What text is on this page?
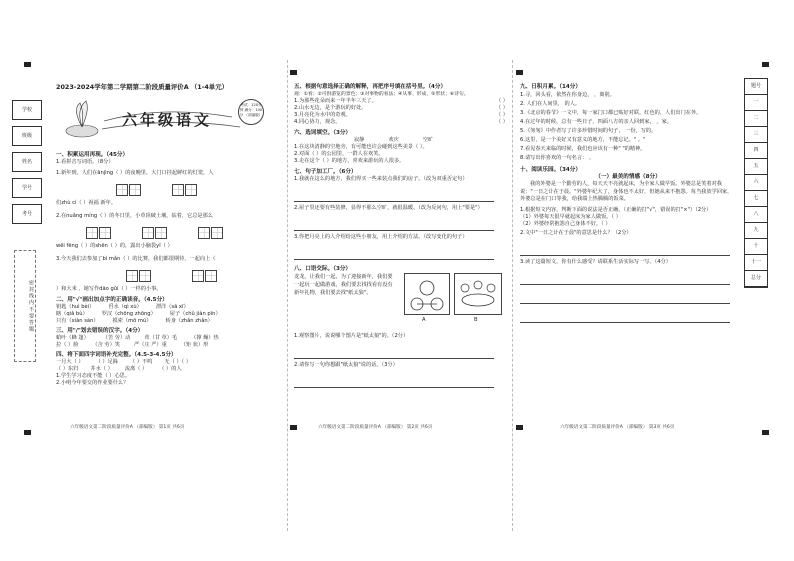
学校
班级
姓名
学号
考号
密 封 线 内 不 要 答 题
2023-2024学年第二学期第二阶段质量评价A （1-4单元）
六年级语文
考试：120分钟 满分：100分 （部编版）
一、积累运用再现。（45分）
1.看拼音写词语。（8分）
1.新年到，人们在ānjìng（ ）的夜晚里，大门口挂起鲜红的灯笼，人
们zhù cí（ ）祝福 新年。
2.在nuǎng míng（ ）的冬日里，小草顶破土壤，钻着，它总是那么
wēi fēng（ ）的shēn（ ）的，露出小脑袋yǐ（ ）
3.今天我们去参加了bì mǎn（ ）的比赛，我们都很期待，一起向上（
）和大米 ，她写作dāo gǔi（ ）一样的小事。
二、用"√"画出加点字的正确读音。（4.5分）
钥匙（huì bèi）	舀水（qì xù）	漂洋（sā xī）
瞎（qiǎ bù）	罗汉（chōng zhōng）	屋子（chǔ jiàn pīn）
只有（xiàn sàn）	摸索（mō mú）	转身（zhǎn zhǎn）
三、用"/"划去错误的汉字。（4分）
蛤叶（蜂 篷）	（苦 劳）动	茸（甘 草）毛	（撑 燥）热
拉（ ）脸	（含 劳）笑	严（庄 严）重	（矩 状）形
四、将下面四字词语补充完整。（4.5-3-4.5分）
一月大（ ） （ ）足跺 （ ）不鸣 无（ ）（ ）
（ ）东归 井水（ ） 流离（ ） （ ）的人
1.学生学习态度不能（ ）心思。
2.小明今年要交的作业要什么？
六年级语文第二阶段质量评价A （部编版） 第1页 共6页
五、根据句意选择正确的解释，再把序号填在括号里。（4分）
观：①看；②可供游览的景色；③对事物的看法；④从事、形成，⑤形状；⑥诗句。
1.为那些花朵而来一年半年三天了。	（ ）
2.山水无边，是个游玩的好处。	（ ）
3.月亮化为水中的奇观。	（ ）
4.同心协力，观念。	（ ）
六、选词填空。（3分）
寂静	欢庆	空旷
1.在这块清静的空地旁，有可能也许会碰到这些美景（ ）。
2.对面（ ）的公园里，一群人在欢笑。
3.走在这个（ ）的地方，喜欢来游玩的人很多。
七、句子加工厂。（6分）
1.我就在这么的地方，我们得买一些来装点我们的房子。（改为双重否定句）
2.屋子里还要有些装修，显得不那么空旷，就很温暖。（改为反问句，用上"要是"）
3.你把月亮上的人介绍给这些小朋友，用上介绍的方法。（改写变化的句子）
八、口语交际。（3分）
龙龙，让我们一起，为了迎接新年，我们要一起玩一起做游戏，我们要去找找看有没有新年礼物，我们要去找"纸太狼"。
A	B
1.观察图片，说说哪个图片是"纸太狼"的。（2分）
2.请你写一句你想跟"纸太狼"说的话。（3分）
六年级语文第二阶段质量评价A （部编版） 第2页 共6页
九、日积月累。（14分）
1.寻，回头看，依然在你身边， ，离别。
2. 人们在人间里， 的人。
3.《北京的春节》一文中，每一家门口都已贴好对联，红色的，人们出门在外。
4.在过年的时候，总有一些日子，四面八方的亲人回到家， ，家。
5.《匆匆》中作者写了许多珍惜时间的句子， 一份，写的。
6.这里，是一个美好又有意义的地方，不能忘记。" 。"
7.看见春天来临的时候，我们也应该有一种" "的精神。
8.请写出你喜欢的一句名言： 。
十、阅读乐园。（34分）
（一）最美的情感（8分）
我的外婆是一个勤劳的人，每天天不亮就起床，为全家人做早饭。外婆总是笑着对我说："一日之计在于晨。"外婆年纪大了，身体也不太好，但她从来不抱怨。每当我放学回家，外婆总是在门口等我，给我端上热腾腾的饭菜。
1.根据短文内容，判断下面的说法是否正确。（正确的打"√"，错误的打"×"）（2分）
（1）外婆每天很早就起床为家人做饭。（ ）
（2）外婆经常抱怨自己身体不好。（ ）
2.文中"一日之计在于晨"的意思是什么？（2分）
3.读了这篇短文，你有什么感受？请联系生活实际写一写。（4分）

六年级语文第二阶段质量评价A （部编版） 第3页 共6页
题号
一
二
三
四
五
六
七
八
九
十
十一
总分
